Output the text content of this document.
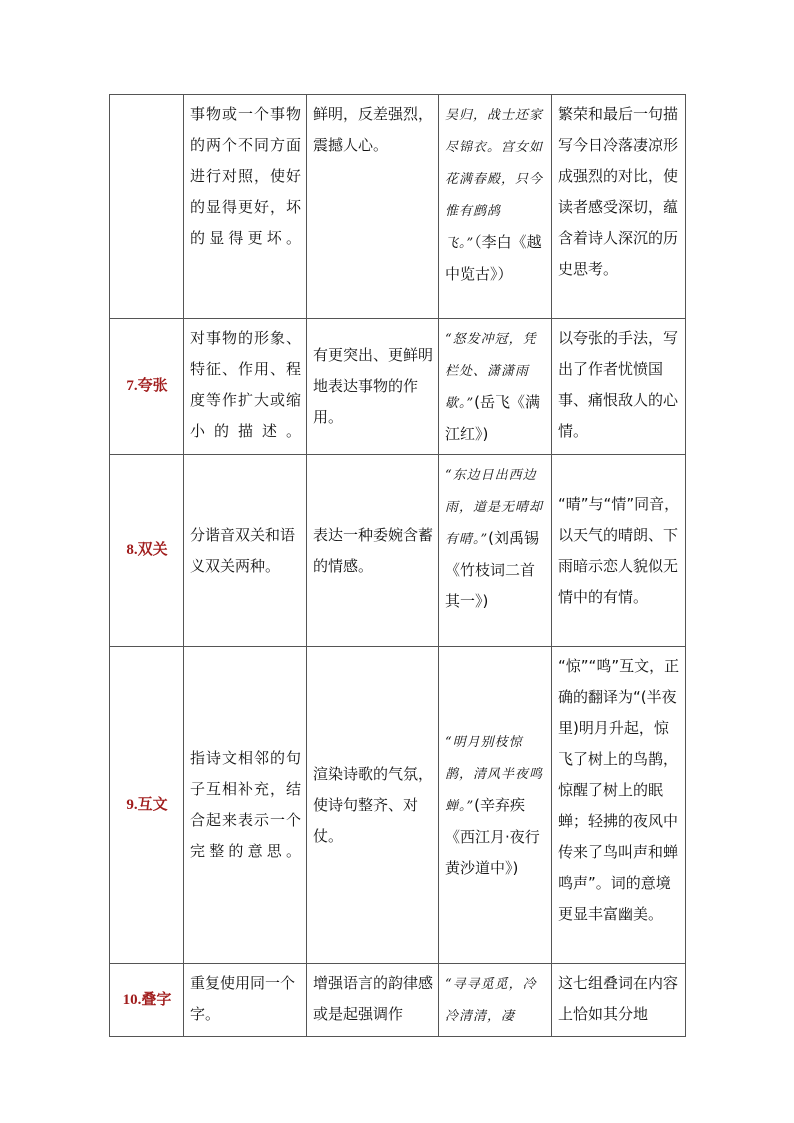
	事物或一个事物的两个不同方面进行对照，使好的显得更好，坏的显得更坏。	鲜明，反差强烈，震撼人心。	吴归，战士还家尽锦衣。宫女如花满春殿，只今惟有鹧鸪飞。”（李白《越中览古》）	繁荣和最后一句描写今日冷落凄凉形成强烈的对比，使读者感受深切，蕴含着诗人深沉的历史思考。
7.夸张	对事物的形象、特征、作用、程度等作扩大或缩小的描述。	有更突出、更鲜明地表达事物的作用。	“怒发冲冠，凭栏处、潇潇雨歇。”(岳飞《满江红》)	以夸张的手法，写出了作者忧愤国事、痛恨敌人的心情。
8.双关	分谐音双关和语义双关两种。	表达一种委婉含蓄的情感。	“东边日出西边雨，道是无晴却有晴。”(刘禹锡《竹枝词二首其一》)	“晴”与“情”同音，以天气的晴朗、下雨暗示恋人貌似无情中的有情。
9.互文	指诗文相邻的句子互相补充，结合起来表示一个完整的意思。	渲染诗歌的气氛，使诗句整齐、对仗。	“明月别枝惊鹊，清风半夜鸣蝉。”(辛弃疾《西江月·夜行黄沙道中》)	“惊”“鸣”互文，正确的翻译为“(半夜里)明月升起，惊飞了树上的鸟鹊，惊醒了树上的眠蝉；轻拂的夜风中传来了鸟叫声和蝉鸣声”。词的意境更显丰富幽美。
10.叠字	重复使用同一个字。	增强语言的韵律感或是起强调作	“寻寻觅觅，冷冷清清，凄	这七组叠词在内容上恰如其分地
